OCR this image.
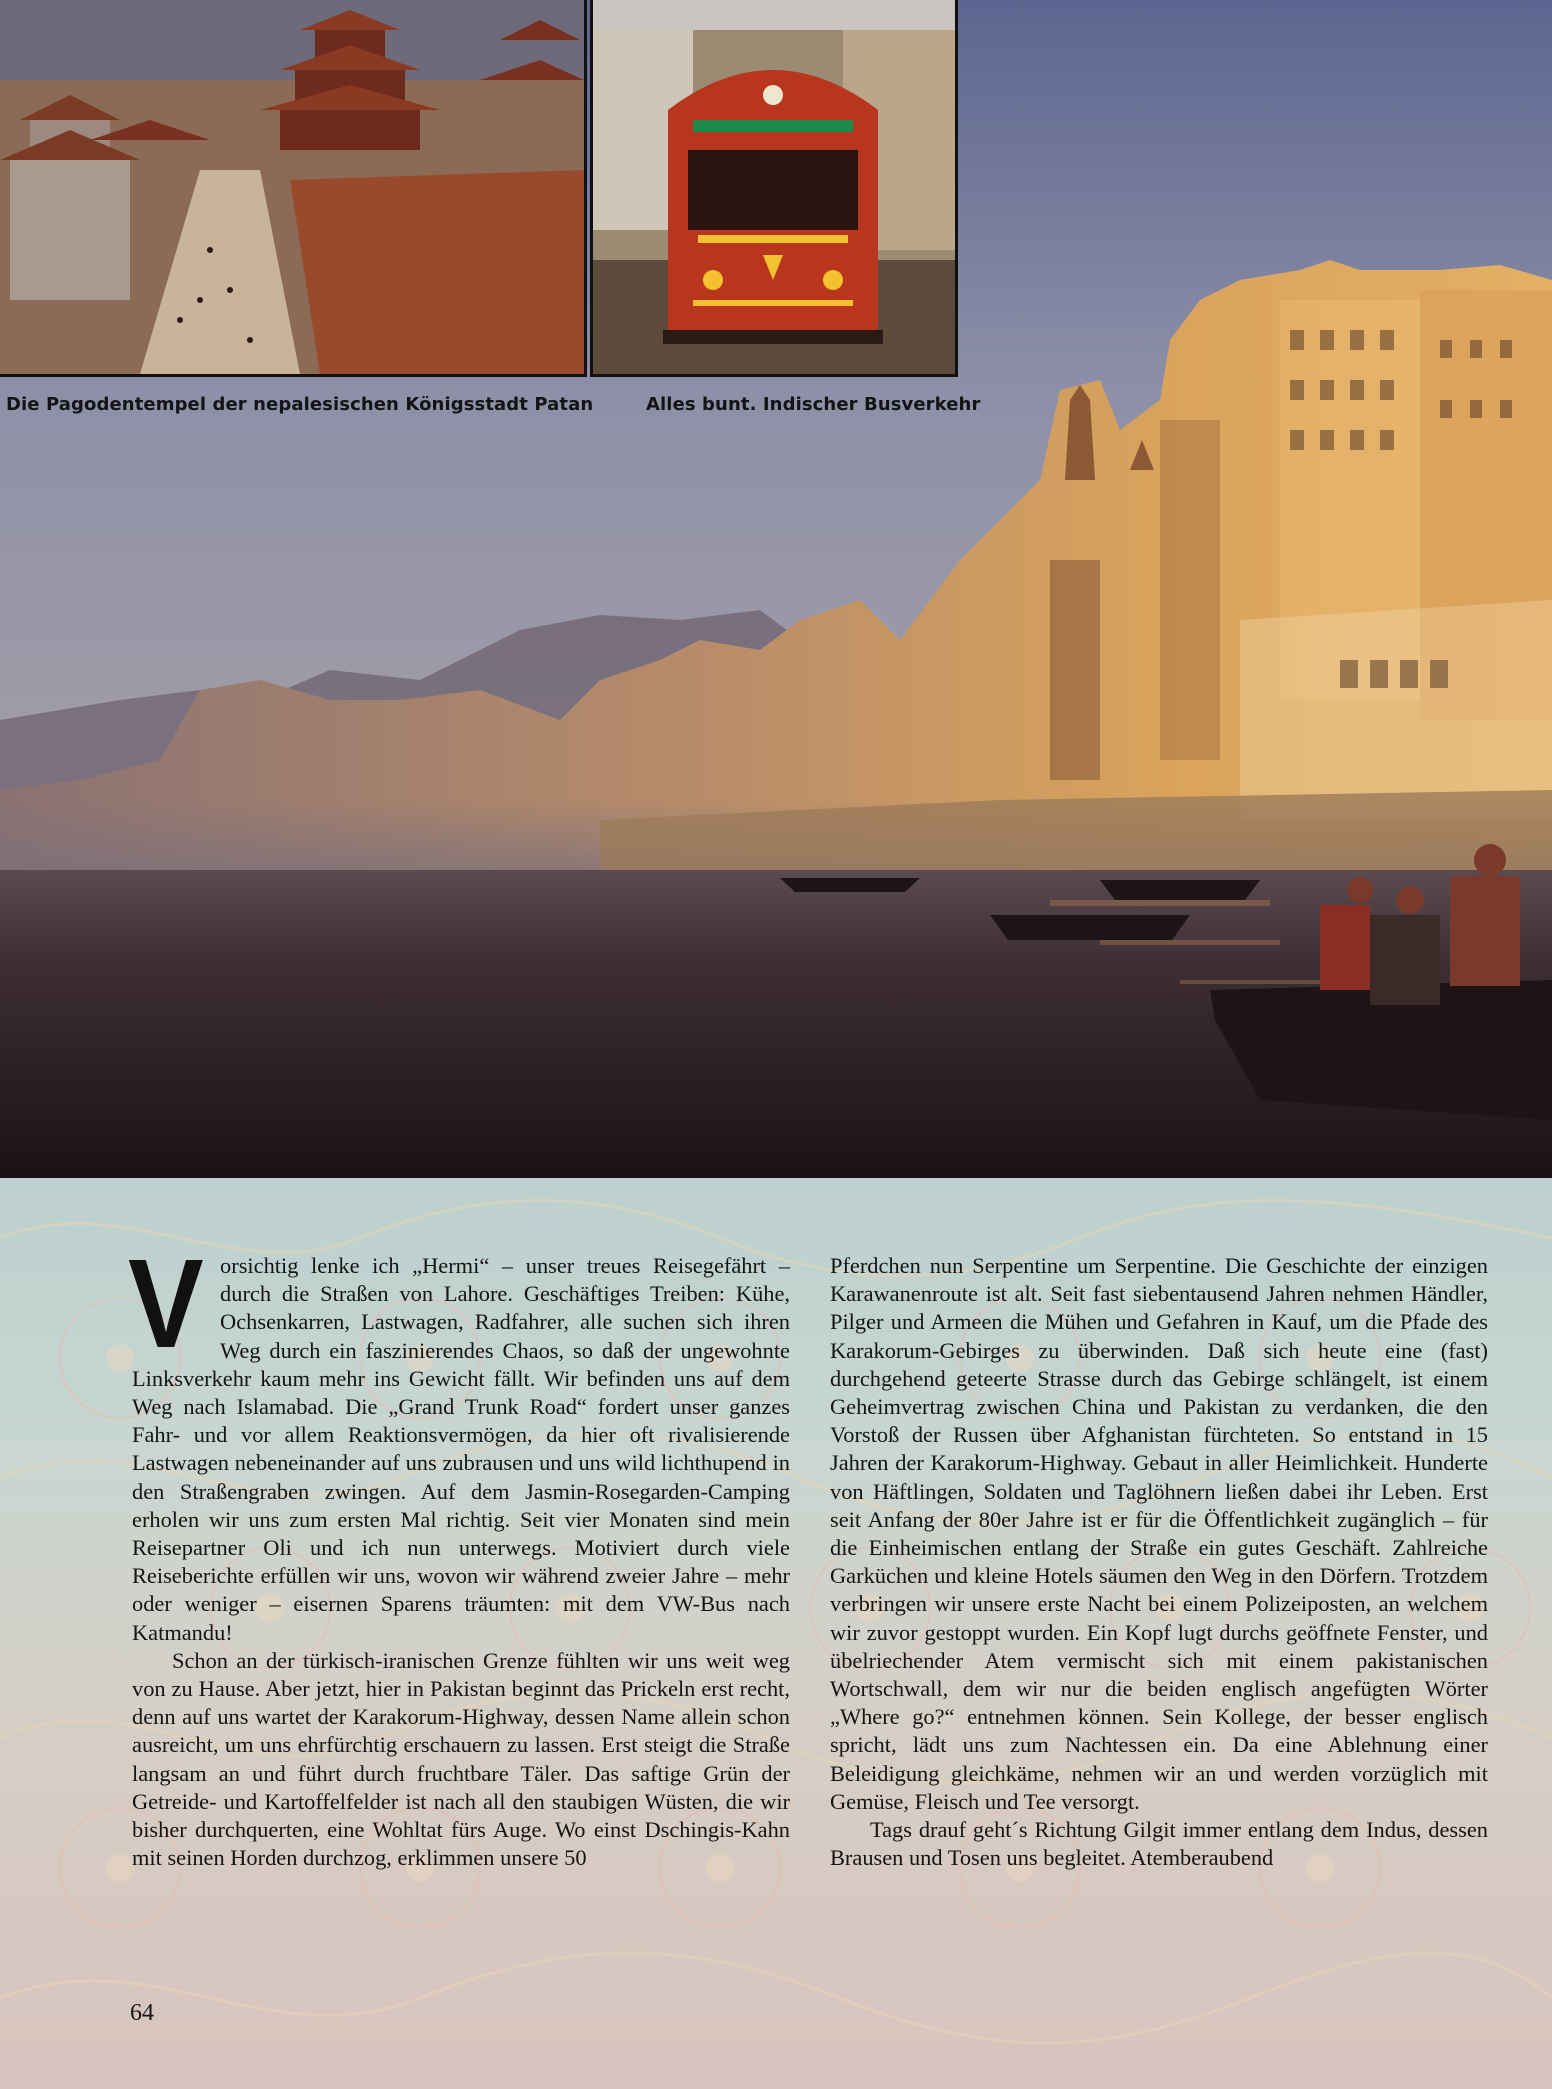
Die Pagodentempel der nepalesischen Königsstadt Patan	Alles bunt. Indischer Busverkehr

Vorsichtig lenke ich „Hermi“ – unser treues Reisegefährt – durch die Straßen von Lahore. Geschäftiges Treiben: Kühe, Ochsenkarren, Lastwagen, Radfahrer, alle suchen sich ihren Weg durch ein faszinierendes Chaos, so daß der ungewohnte Linksverkehr kaum mehr ins Gewicht fällt. Wir befinden uns auf dem Weg nach Islamabad. Die „Grand Trunk Road“ fordert unser ganzes Fahr- und vor allem Reaktionsvermögen, da hier oft rivalisierende Lastwagen nebeneinander auf uns zubrausen und uns wild lichthupend in den Straßengraben zwingen. Auf dem Jasmin-Rosegarden-Camping erholen wir uns zum ersten Mal richtig. Seit vier Monaten sind mein Reisepartner Oli und ich nun unterwegs. Motiviert durch viele Reiseberichte erfüllen wir uns, wovon wir während zweier Jahre – mehr oder weniger – eisernen Sparens träumten: mit dem VW-Bus nach Katmandu!

Schon an der türkisch-iranischen Grenze fühlten wir uns weit weg von zu Hause. Aber jetzt, hier in Pakistan beginnt das Prickeln erst recht, denn auf uns wartet der Karakorum-Highway, dessen Name allein schon ausreicht, um uns ehrfürchtig erschauern zu lassen. Erst steigt die Straße langsam an und führt durch fruchtbare Täler. Das saftige Grün der Getreide- und Kartoffelfelder ist nach all den staubigen Wüsten, die wir bisher durchquerten, eine Wohltat fürs Auge. Wo einst Dschingis-Kahn mit seinen Horden durchzog, erklimmen unsere 50

Pferdchen nun Serpentine um Serpentine. Die Geschichte der einzigen Karawanenroute ist alt. Seit fast siebentausend Jahren nehmen Händler, Pilger und Armeen die Mühen und Gefahren in Kauf, um die Pfade des Karakorum-Gebirges zu überwinden. Daß sich heute eine (fast) durchgehend geteerte Strasse durch das Gebirge schlängelt, ist einem Geheimvertrag zwischen China und Pakistan zu verdanken, die den Vorstoß der Russen über Afghanistan fürchteten. So entstand in 15 Jahren der Karakorum-Highway. Gebaut in aller Heimlichkeit. Hunderte von Häftlingen, Soldaten und Taglöhnern ließen dabei ihr Leben. Erst seit Anfang der 80er Jahre ist er für die Öffentlichkeit zugänglich – für die Einheimischen entlang der Straße ein gutes Geschäft. Zahlreiche Garküchen und kleine Hotels säumen den Weg in den Dörfern. Trotzdem verbringen wir unsere erste Nacht bei einem Polizeiposten, an welchem wir zuvor gestoppt wurden. Ein Kopf lugt durchs geöffnete Fenster, und übelriechender Atem vermischt sich mit einem pakistanischen Wortschwall, dem wir nur die beiden englisch angefügten Wörter „Where go?“ entnehmen können. Sein Kollege, der besser englisch spricht, lädt uns zum Nachtessen ein. Da eine Ablehnung einer Beleidigung gleichkäme, nehmen wir an und werden vorzüglich mit Gemüse, Fleisch und Tee versorgt.

Tags drauf geht´s Richtung Gilgit immer entlang dem Indus, dessen Brausen und Tosen uns begleitet. Atemberaubend

64
